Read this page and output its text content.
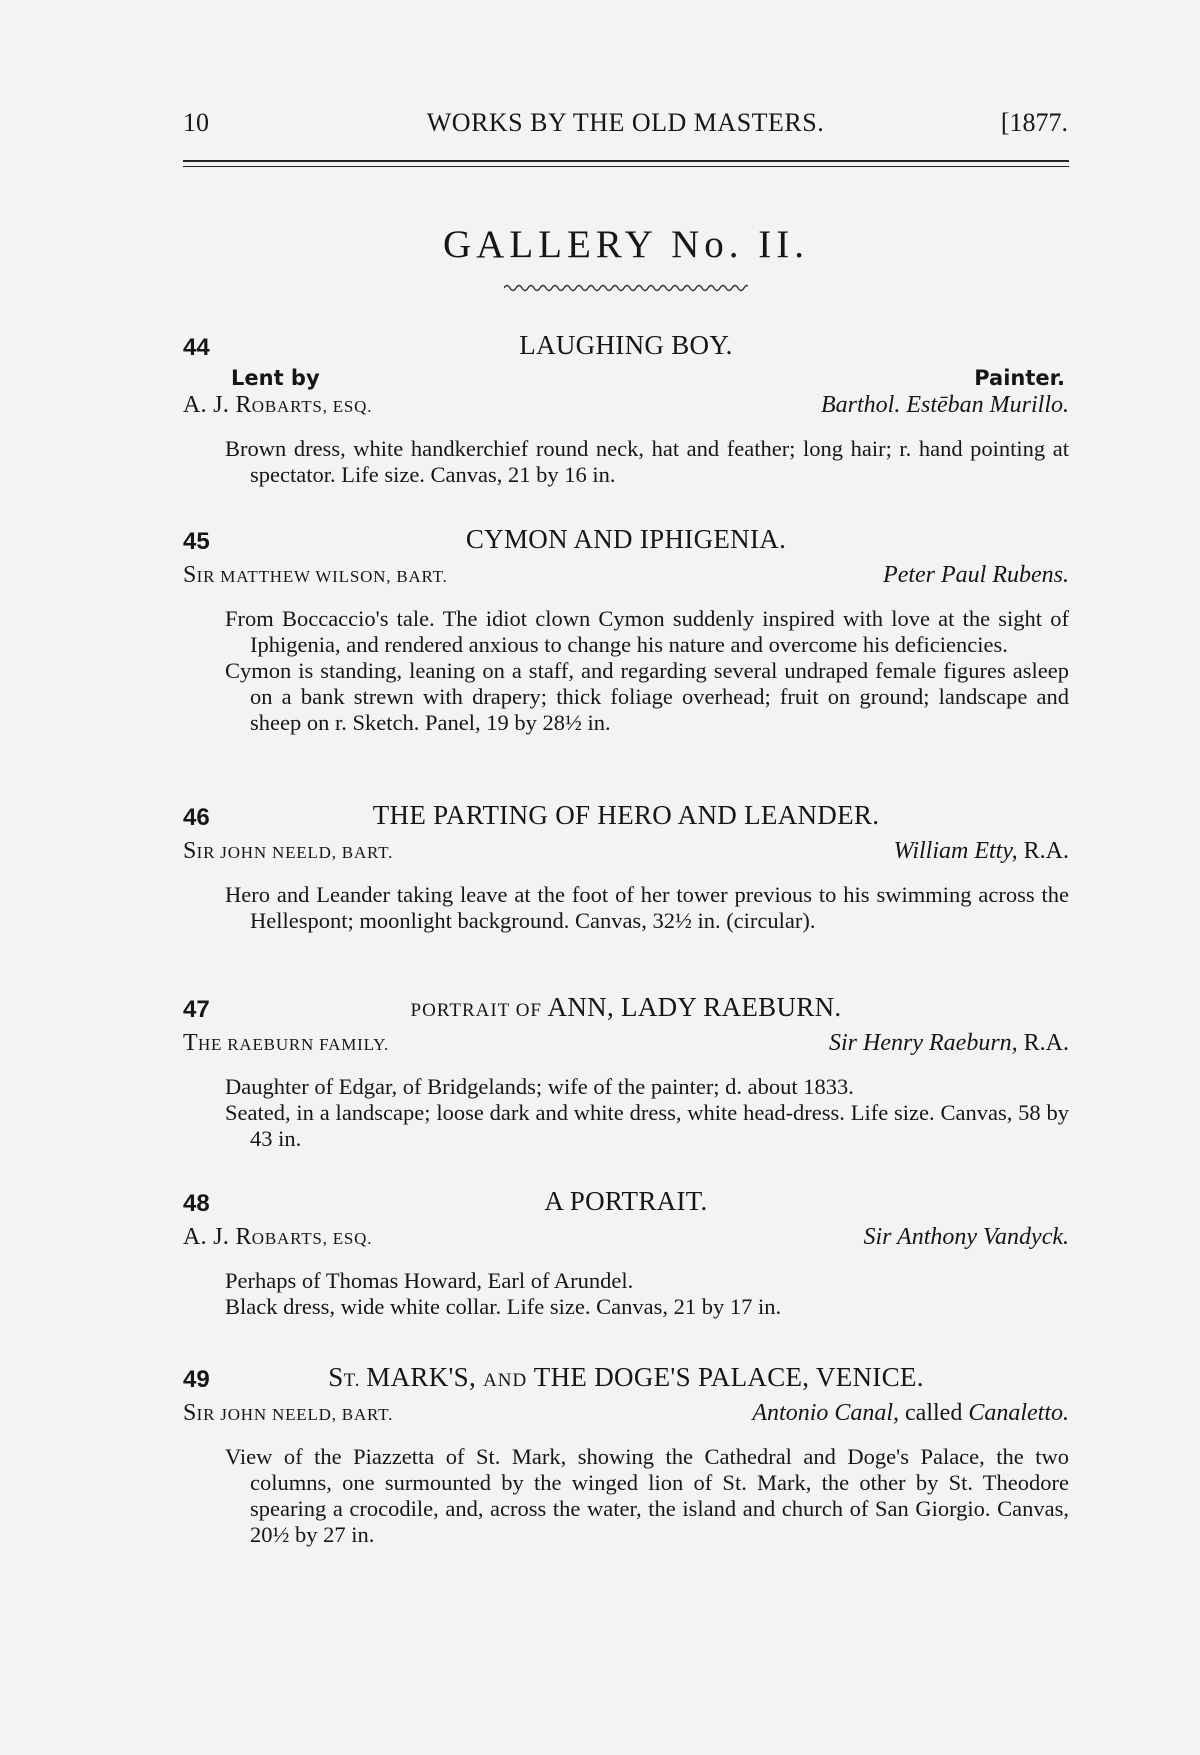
10	WORKS BY THE OLD MASTERS.	[1877.
GALLERY No. II.
44	LAUGHING BOY.
Lent by	Painter.
A. J. ROBARTS, ESQ.	Barthol. Estēban Murillo.

Brown dress, white handkerchief round neck, hat and feather; long hair; r. hand pointing at spectator. Life size. Canvas, 21 by 16 in.

45	CYMON AND IPHIGENIA.
SIR MATTHEW WILSON, BART.	Peter Paul Rubens.

From Boccaccio's tale. The idiot clown Cymon suddenly inspired with love at the sight of Iphigenia, and rendered anxious to change his nature and overcome his deficiencies.

Cymon is standing, leaning on a staff, and regarding several undraped female figures asleep on a bank strewn with drapery; thick foliage overhead; fruit on ground; landscape and sheep on r. Sketch. Panel, 19 by 28½ in.

46	THE PARTING OF HERO AND LEANDER.
SIR JOHN NEELD, BART.	William Etty, R.A.

Hero and Leander taking leave at the foot of her tower previous to his swimming across the Hellespont; moonlight background. Canvas, 32½ in. (circular).

47	PORTRAIT OF ANN, LADY RAEBURN.
THE RAEBURN FAMILY.	Sir Henry Raeburn, R.A.

Daughter of Edgar, of Bridgelands; wife of the painter; d. about 1833.

Seated, in a landscape; loose dark and white dress, white head-dress. Life size. Canvas, 58 by 43 in.

48	A PORTRAIT.
A. J. ROBARTS, ESQ.	Sir Anthony Vandyck.

Perhaps of Thomas Howard, Earl of Arundel.

Black dress, wide white collar. Life size. Canvas, 21 by 17 in.

49	ST. MARK'S, AND THE DOGE'S PALACE, VENICE.
SIR JOHN NEELD, BART.	Antonio Canal, called Canaletto.

View of the Piazzetta of St. Mark, showing the Cathedral and Doge's Palace, the two columns, one surmounted by the winged lion of St. Mark, the other by St. Theodore spearing a crocodile, and, across the water, the island and church of San Giorgio. Canvas, 20½ by 27 in.
